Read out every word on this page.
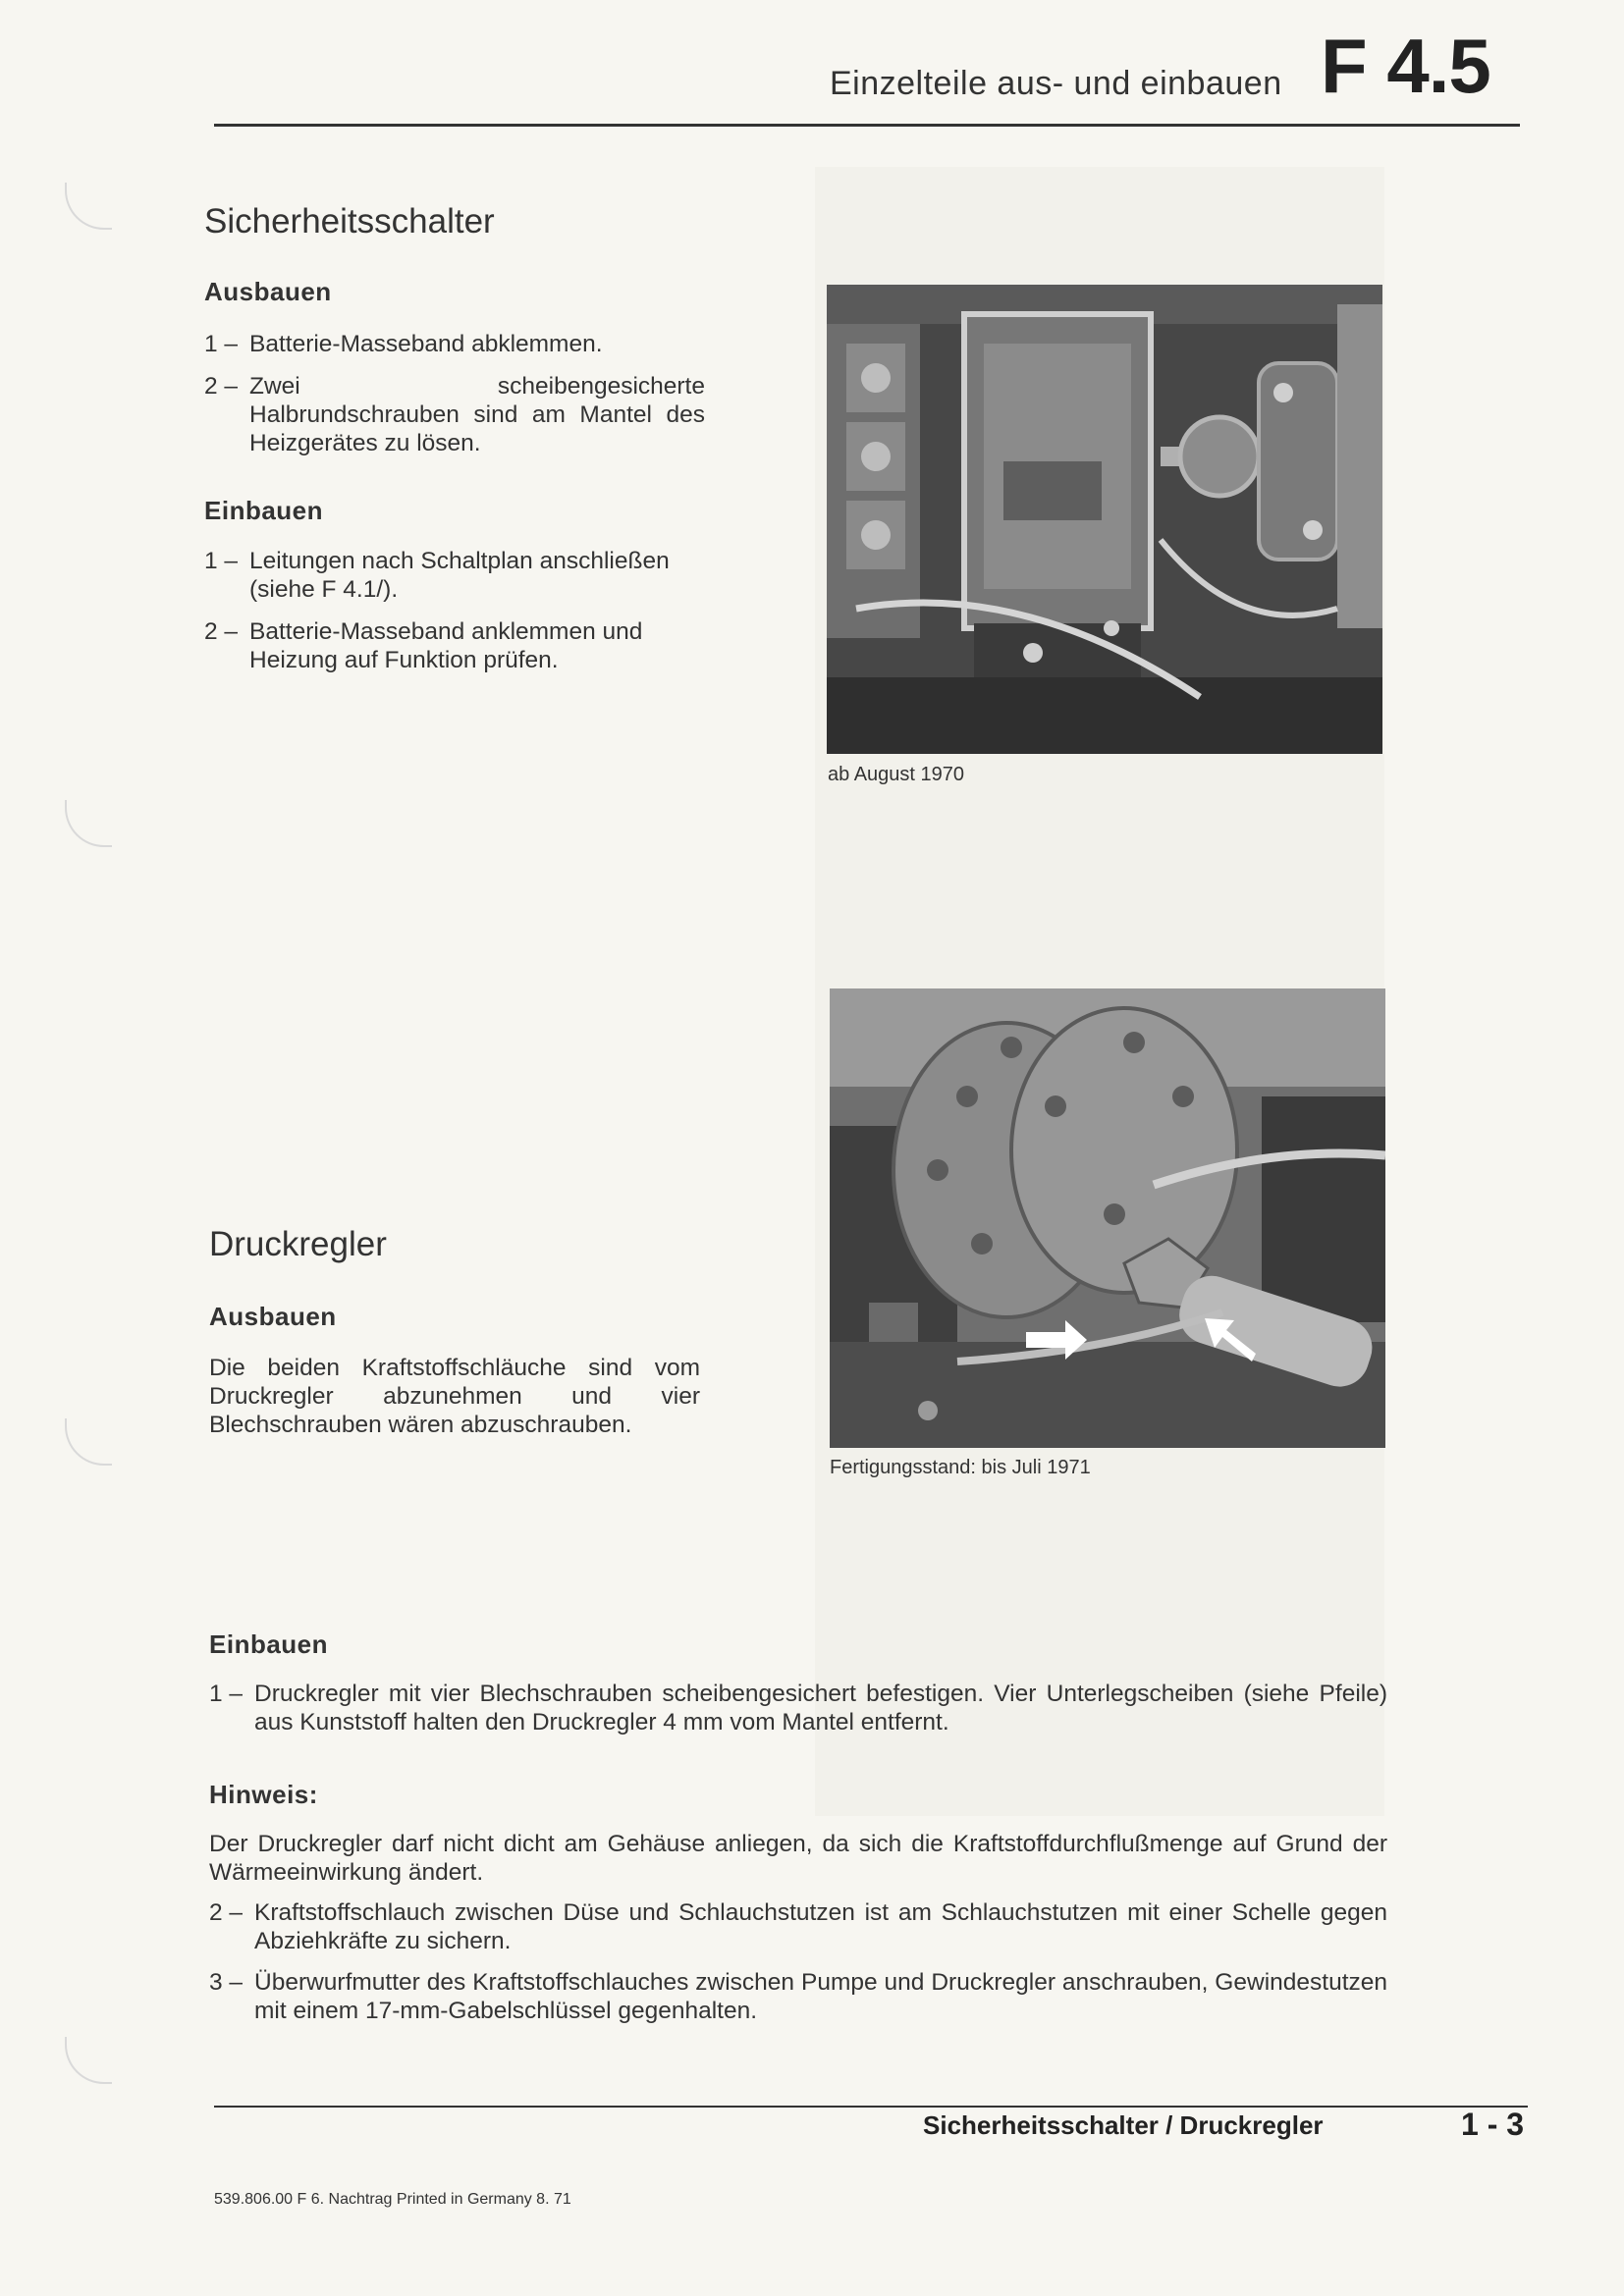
Einzelteile aus- und einbauen F 4.5
Sicherheitsschalter
Ausbauen
1 – Batterie-Masseband abklemmen.
2 – Zwei scheibengesicherte Halbrundschrauben sind am Mantel des Heizgerätes zu lösen.
Einbauen
1 – Leitungen nach Schaltplan anschließen (siehe F 4.1/).
2 – Batterie-Masseband anklemmen und Heizung auf Funktion prüfen.
ab August 1970
Fertigungsstand: bis Juli 1971
Druckregler
Ausbauen
Die beiden Kraftstoffschläuche sind vom Druckregler abzunehmen und vier Blechschrauben wären abzuschrauben.
Einbauen
1 – Druckregler mit vier Blechschrauben scheibengesichert befestigen. Vier Unterlegscheiben (siehe Pfeile) aus Kunststoff halten den Druckregler 4 mm vom Mantel entfernt.
Hinweis:
Der Druckregler darf nicht dicht am Gehäuse anliegen, da sich die Kraftstoffdurchflußmenge auf Grund der Wärmeeinwirkung ändert.
2 – Kraftstoffschlauch zwischen Düse und Schlauchstutzen ist am Schlauchstutzen mit einer Schelle gegen Abziehkräfte zu sichern.
3 – Überwurfmutter des Kraftstoffschlauches zwischen Pumpe und Druckregler anschrauben, Gewindestutzen mit einem 17-mm-Gabelschlüssel gegenhalten.
Sicherheitsschalter / Druckregler	1 - 3
539.806.00 F 6. Nachtrag Printed in Germany 8. 71
